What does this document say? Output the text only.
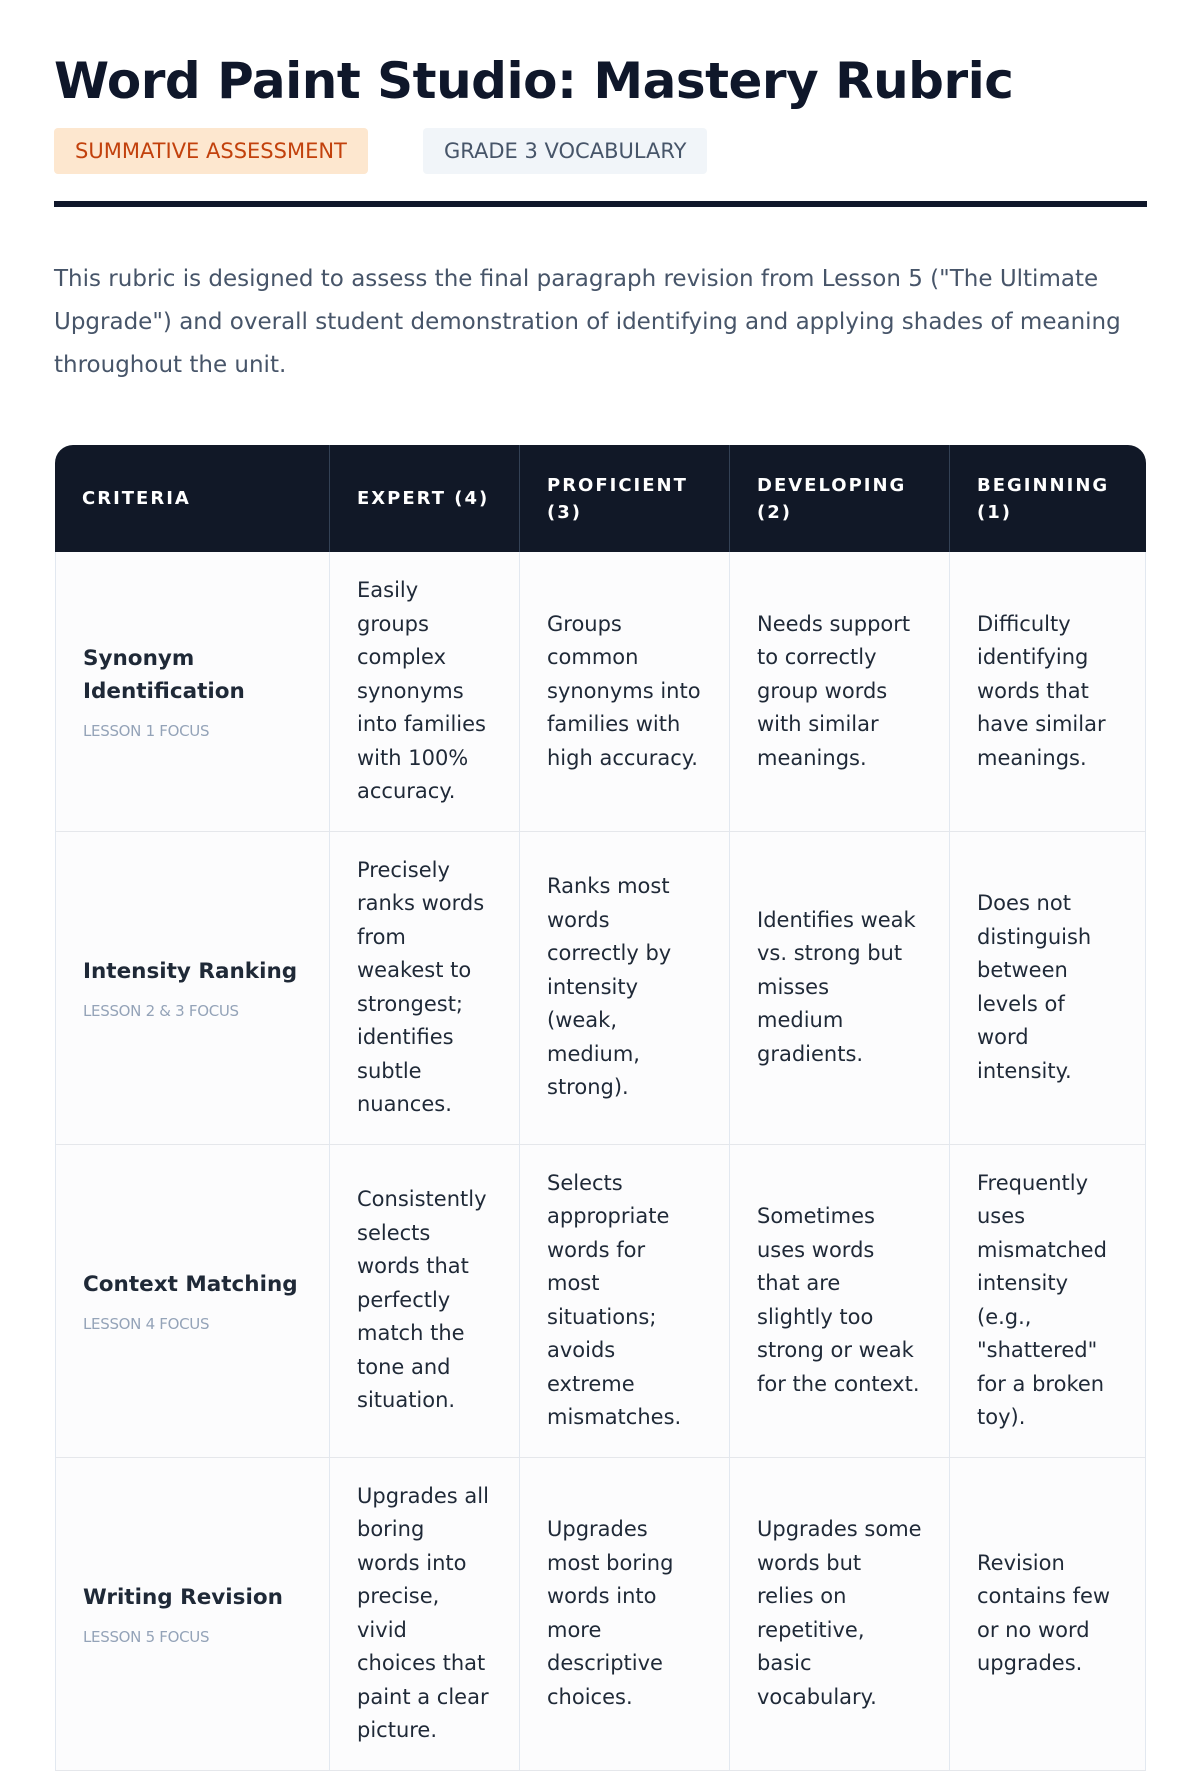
Word Paint Studio: Mastery Rubric
SUMMATIVE ASSESSMENT	GRADE 3 VOCABULARY

This rubric is designed to assess the final paragraph revision from Lesson 5 ("The Ultimate Upgrade") and overall student demonstration of identifying and applying shades of meaning throughout the unit.

CRITERIA	EXPERT (4)	PROFICIENT (3)	DEVELOPING (2)	BEGINNING (1)

Synonym Identification
LESSON 1 FOCUS	Easily groups complex synonyms into families with 100% accuracy.	Groups common synonyms into families with high accuracy.	Needs support to correctly group words with similar meanings.	Difficulty identifying words that have similar meanings.

Intensity Ranking
LESSON 2 & 3 FOCUS	Precisely ranks words from weakest to strongest; identifies subtle nuances.	Ranks most words correctly by intensity (weak, medium, strong).	Identifies weak vs. strong but misses medium gradients.	Does not distinguish between levels of word intensity.

Context Matching
LESSON 4 FOCUS	Consistently selects words that perfectly match the tone and situation.	Selects appropriate words for most situations; avoids extreme mismatches.	Sometimes uses words that are slightly too strong or weak for the context.	Frequently uses mismatched intensity (e.g., "shattered" for a broken toy).

Writing Revision
LESSON 5 FOCUS	Upgrades all boring words into precise, vivid choices that paint a clear picture.	Upgrades most boring words into more descriptive choices.	Upgrades some words but relies on repetitive, basic vocabulary.	Revision contains few or no word upgrades.
